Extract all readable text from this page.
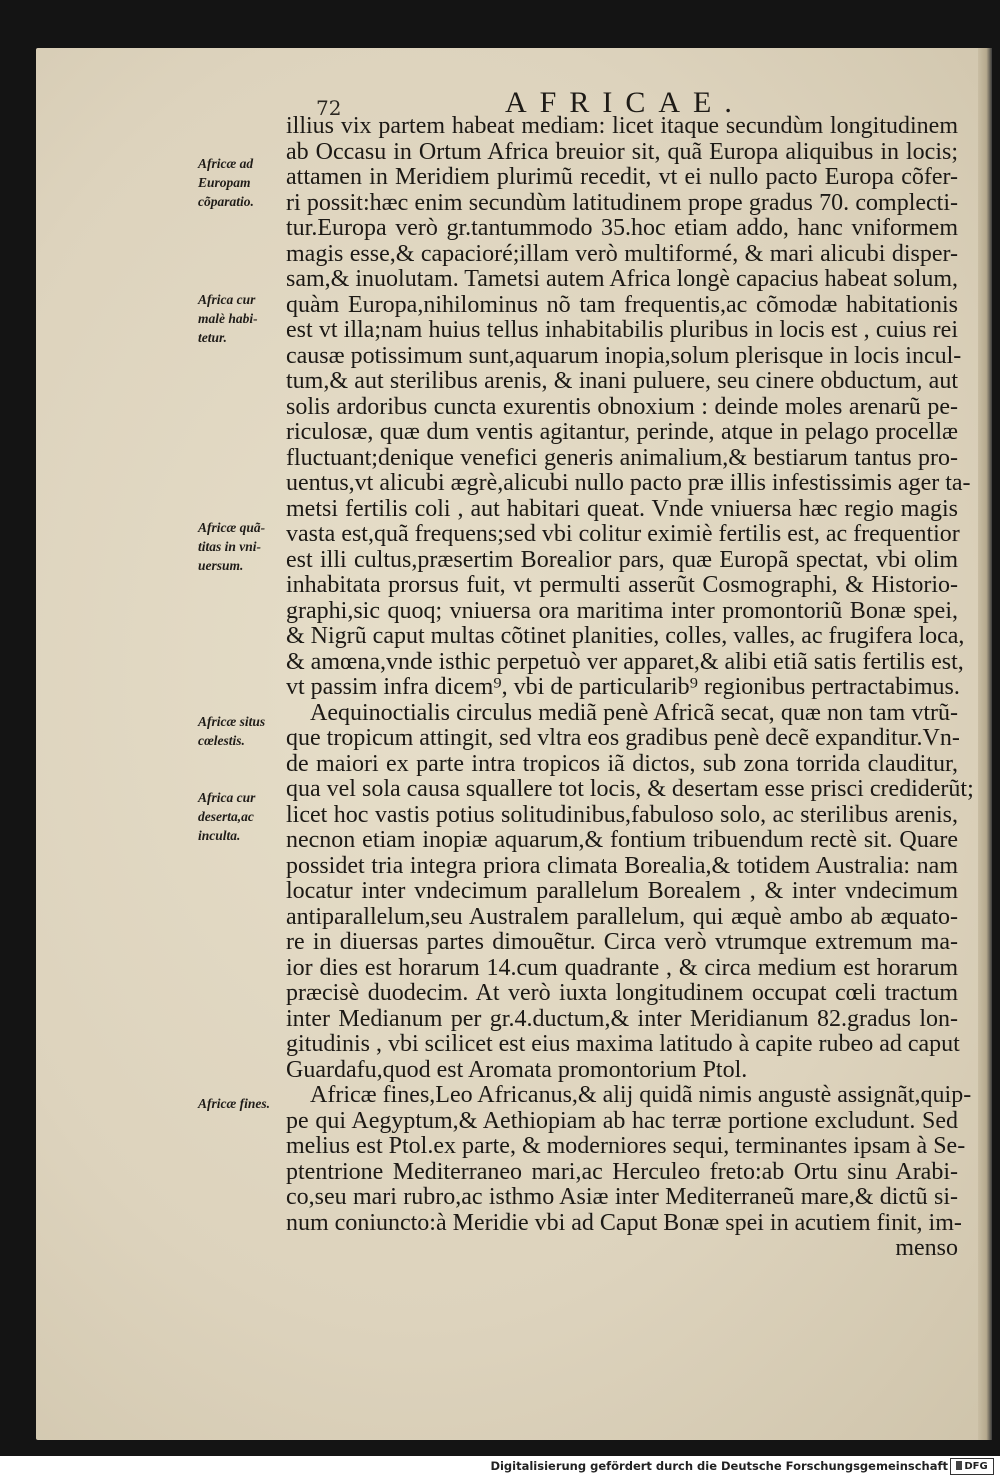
72	AFRICAE.
illius vix partem habeat mediam: licet itaque secundùm longitudinem
ab Occasu in Ortum Africa breuior sit, quã Europa aliquibus in locis;
attamen in Meridiem plurimũ recedit, vt ei nullo pacto Europa cõfer-
ri possit:hæc enim secundùm latitudinem prope gradus 70. complecti-
tur.Europa verò gr.tantummodo 35.hoc etiam addo, hanc vniformem
magis esse,& capacioré;illam verò multiformé, & mari alicubi disper-
sam,& inuolutam. Tametsi autem Africa longè capacius habeat solum,
quàm Europa,nihilominus nõ tam frequentis,ac cõmodæ habitationis
est vt illa;nam huius tellus inhabitabilis pluribus in locis est , cuius rei
causæ potissimum sunt,aquarum inopia,solum plerisque in locis incul-
tum,& aut sterilibus arenis, & inani puluere, seu cinere obductum, aut
solis ardoribus cuncta exurentis obnoxium : deinde moles arenarũ pe-
riculosæ, quæ dum ventis agitantur, perinde, atque in pelago procellæ
fluctuant;denique venefici generis animalium,& bestiarum tantus pro-
uentus,vt alicubi ægrè,alicubi nullo pacto præ illis infestissimis ager ta-
metsi fertilis coli , aut habitari queat. Vnde vniuersa hæc regio magis
vasta est,quã frequens;sed vbi colitur eximiè fertilis est, ac frequentior
est illi cultus,præsertim Borealior pars, quæ Europã spectat, vbi olim
inhabitata prorsus fuit, vt permulti asserũt Cosmographi, & Historio-
graphi,sic quoq; vniuersa ora maritima inter promontoriũ Bonæ spei,
& Nigrũ caput multas cõtinet planities, colles, valles, ac frugifera loca,
& amœna,vnde isthic perpetuò ver apparet,& alibi etiã satis fertilis est,
vt passim infra dicem⁹, vbi de particularib⁹ regionibus pertractabimus.
Aequinoctialis circulus mediã penè Africã secat, quæ non tam vtrũ-
que tropicum attingit, sed vltra eos gradibus penè decẽ expanditur.Vn-
de maiori ex parte intra tropicos iã dictos, sub zona torrida clauditur,
qua vel sola causa squallere tot locis, & desertam esse prisci crediderũt;
licet hoc vastis potius solitudinibus,fabuloso solo, ac sterilibus arenis,
necnon etiam inopiæ aquarum,& fontium tribuendum rectè sit. Quare
possidet tria integra priora climata Borealia,& totidem Australia: nam
locatur inter vndecimum parallelum Borealem , & inter vndecimum
antiparallelum,seu Australem parallelum, qui æquè ambo ab æquato-
re in diuersas partes dimouẽtur. Circa verò vtrumque extremum ma-
ior dies est horarum 14.cum quadrante , & circa medium est horarum
præcisè duodecim. At verò iuxta longitudinem occupat cœli tractum
inter Medianum per gr.4.ductum,& inter Meridianum 82.gradus lon-
gitudinis , vbi scilicet est eius maxima latitudo à capite rubeo ad caput
Guardafu,quod est Aromata promontorium Ptol.
Africæ fines,Leo Africanus,& alij quidã nimis angustè assignãt,quip-
pe qui Aegyptum,& Aethiopiam ab hac terræ portione excludunt. Sed
melius est Ptol.ex parte, & moderniores sequi, terminantes ipsam à Se-
ptentrione Mediterraneo mari,ac Herculeo freto:ab Ortu sinu Arabi-
co,seu mari rubro,ac isthmo Asiæ inter Mediterraneũ mare,& dictũ si-
num coniuncto:à Meridie vbi ad Caput Bonæ spei in acutiem finit, im-
menso
Africæ ad
Europam
cõparatio.
Africa cur
malè habi-
tetur.
Africæ quã-
titas in vni-
uersum.
Africæ situs
cœlestis.
Africa cur
deserta,ac
inculta.
Africæ fines.
Digitalisierung gefördert durch die Deutsche Forschungsgemeinschaft	DFG
